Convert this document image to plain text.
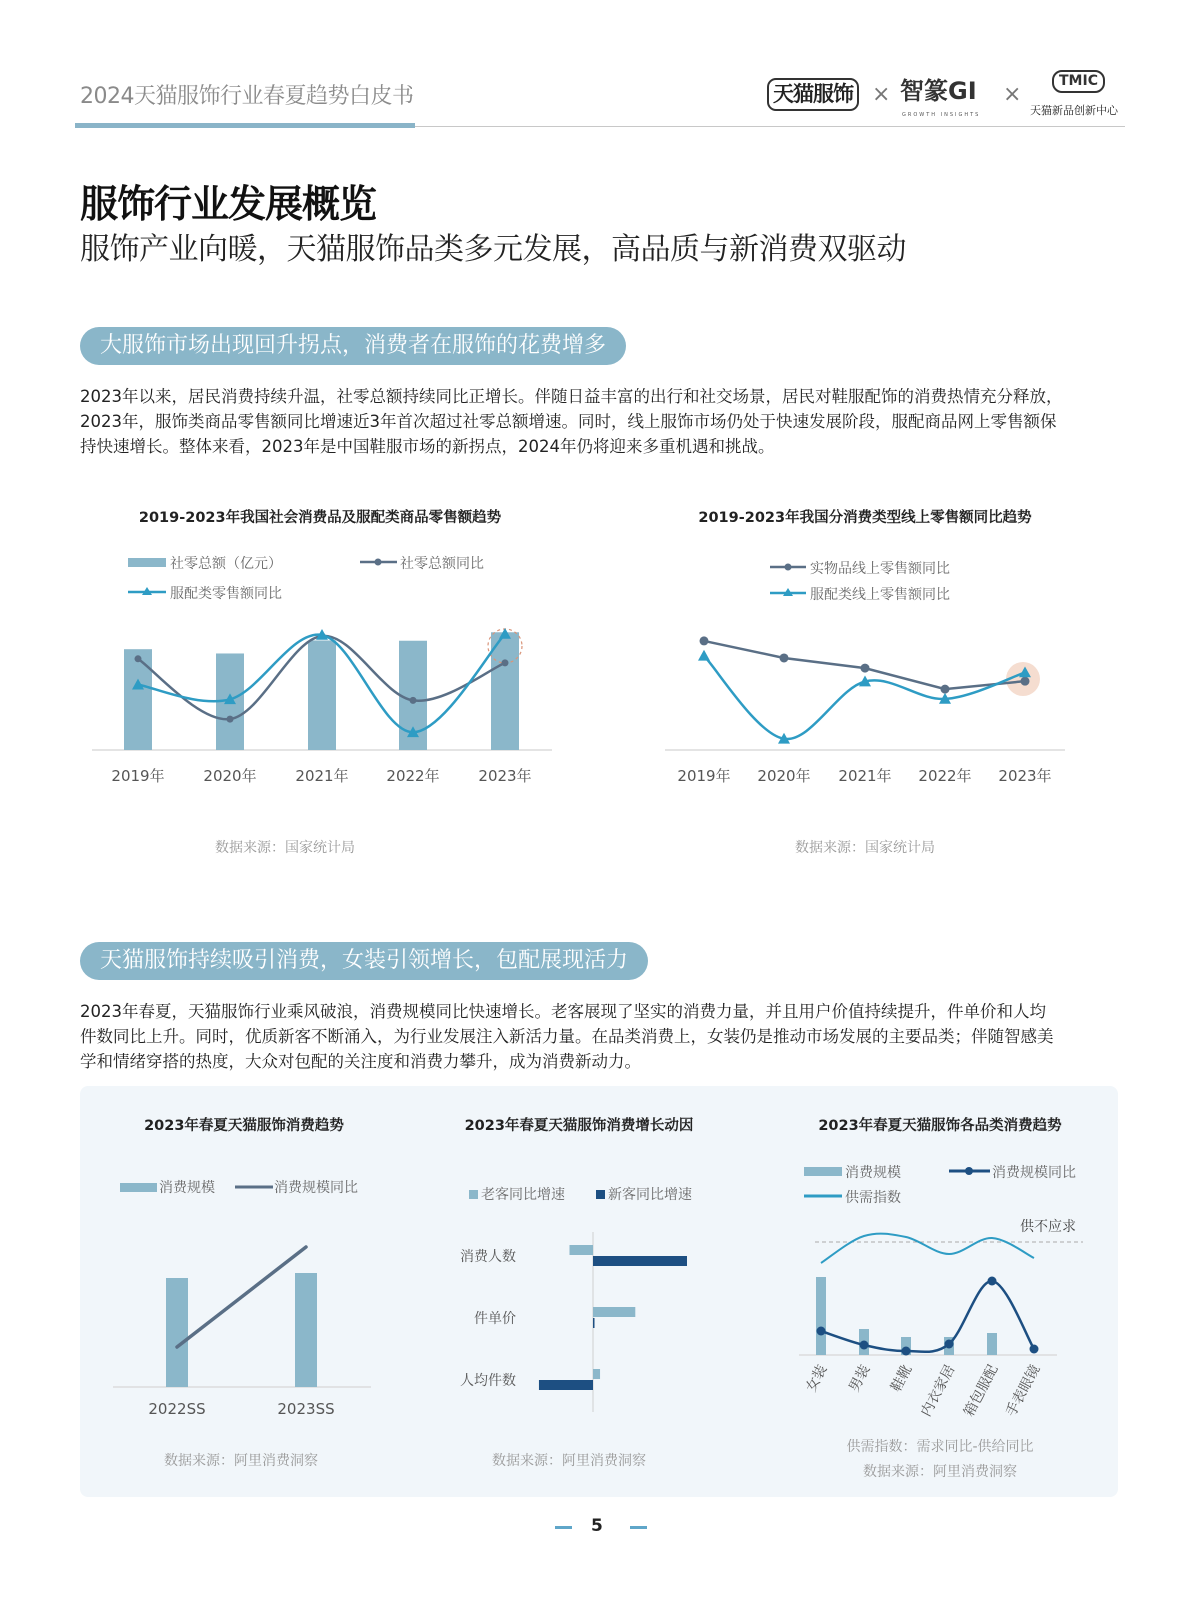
2024天猫服饰行业春夏趋势白皮书	天猫服饰 × 智篆GI
GROWTH INSIGHTS
×
TMIC
天猫新品创新中心
服饰行业发展概览
服饰产业向暖，天猫服饰品类多元发展，高品质与新消费双驱动
大服饰市场出现回升拐点，消费者在服饰的花费增多
2023年以来，居民消费持续升温，社零总额持续同比正增长。伴随日益丰富的出行和社交场景，居民对鞋服配饰的消费热情充分释放，
2023年，服饰类商品零售额同比增速近3年首次超过社零总额增速。同时，线上服饰市场仍处于快速发展阶段，服配商品网上零售额保
持快速增长。整体来看，2023年是中国鞋服市场的新拐点，2024年仍将迎来多重机遇和挑战。
天猫服饰持续吸引消费，女装引领增长，包配展现活力
2023年春夏，天猫服饰行业乘风破浪，消费规模同比快速增长。老客展现了坚实的消费力量，并且用户价值持续提升，件单价和人均
件数同比上升。同时，优质新客不断涌入，为行业发展注入新活力量。在品类消费上，女装仍是推动市场发展的主要品类；伴随智感美
学和情绪穿搭的热度，大众对包配的关注度和消费力攀升，成为消费新动力。
2019-2023年我国社会消费品及服配类商品零售额趋势
社零总额（亿元）	社零总额同比
服配类零售额同比
数据来源：国家统计局
2019-2023年我国分消费类型线上零售额同比趋势
实物品线上零售额同比
服配类线上零售额同比
数据来源：国家统计局
2023年春夏天猫服饰消费趋势
消费规模	消费规模同比
数据来源：阿里消费洞察
2023年春夏天猫服饰消费增长动因
老客同比增速	新客同比增速
数据来源：阿里消费洞察
2023年春夏天猫服饰各品类消费趋势
消费规模	消费规模同比
供需指数
供不应求
供需指数：需求同比-供给同比
数据来源：阿里消费洞察
2019年	2020年	2021年	2022年	2023年	2019年 2020年 2021年 2022年 2023年
2022SS	2023SS
消费人数
件单价
人均件数	女装 男装 鞋靴 内衣家居 箱包服配 手表眼镜
5
